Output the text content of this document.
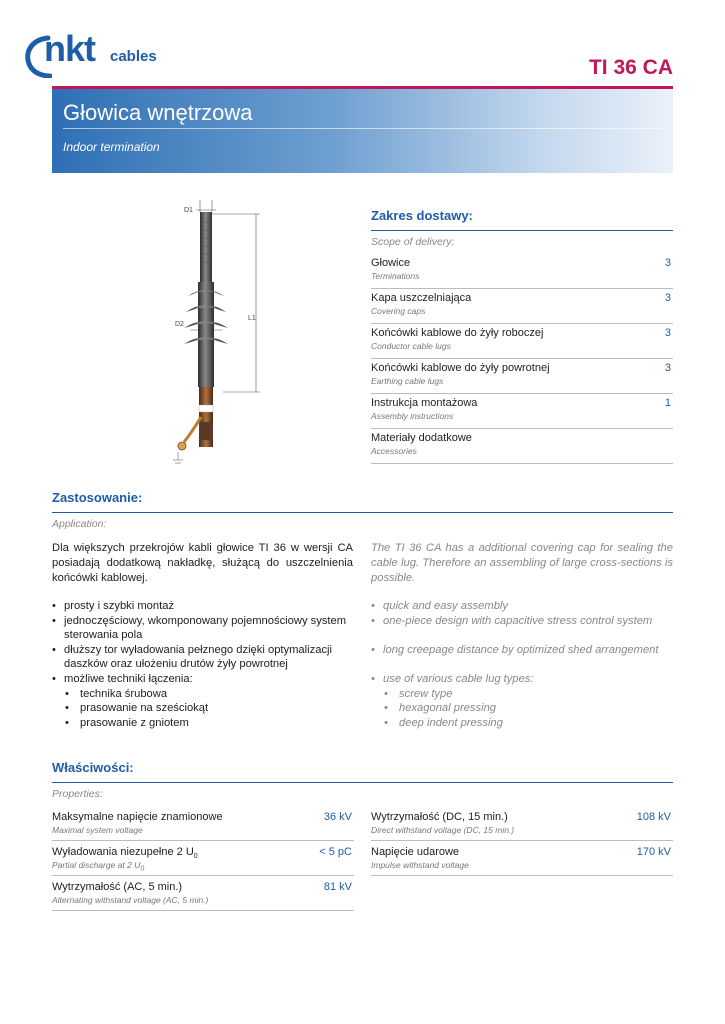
nkt cables	TI 36 CA
Głowica wnętrzowa
Indoor termination
D1
L1
D2
Zakres dostawy:
Scope of delivery:
Głowice
Terminations
3
Kapa uszczelniająca
Covering caps
3
Końcówki kablowe do żyły roboczej
Conductor cable lugs
3
Końcówki kablowe do żyły powrotnej
Earthing cable lugs
3
Instrukcja montażowa
Assembly instructions
1
Materiały dodatkowe
Accessories
Zastosowanie:
Application:
Dla większych przekrojów kabli głowice TI 36 w wersji CA posiadają dodatkową nakładkę, służącą do uszczelnienia końcówki kablowej.
The TI 36 CA has a additional covering cap for sealing the cable lug. Therefore an assembling of large cross-sections is possible.
• prosty i szybki montaż
• jednoczęściowy, wkomponowany pojemnościowy system sterowania pola
• dłuższy tor wyładowania pełznego dzięki optymalizacji daszków oraz ułożeniu drutów żyły powrotnej
• możliwe techniki łączenia:
• technika śrubowa
• prasowanie na sześciokąt
• prasowanie z gniotem
• quick and easy assembly
• one-piece design with capacitive stress control system
• long creepage distance by optimized shed arrangement
• use of various cable lug types:
• screw type
• hexagonal pressing
• deep indent pressing
Właściwości:
Properties:
Maksymalne napięcie znamionowe
Maximal system voltage
36 kV
Wyładowania niezupełne 2 $U_0$
Partial discharge at 2 $U_0$
< 5 pC
Wytrzymałość (AC, 5 min.)
Alternating withstand voltage (AC, 5 min.)
81 kV
Wytrzymałość (DC, 15 min.)
Direct withstand voltage (DC, 15 min.)
108 kV
Napięcie udarowe
Impulse withstand voltage
170 kV
